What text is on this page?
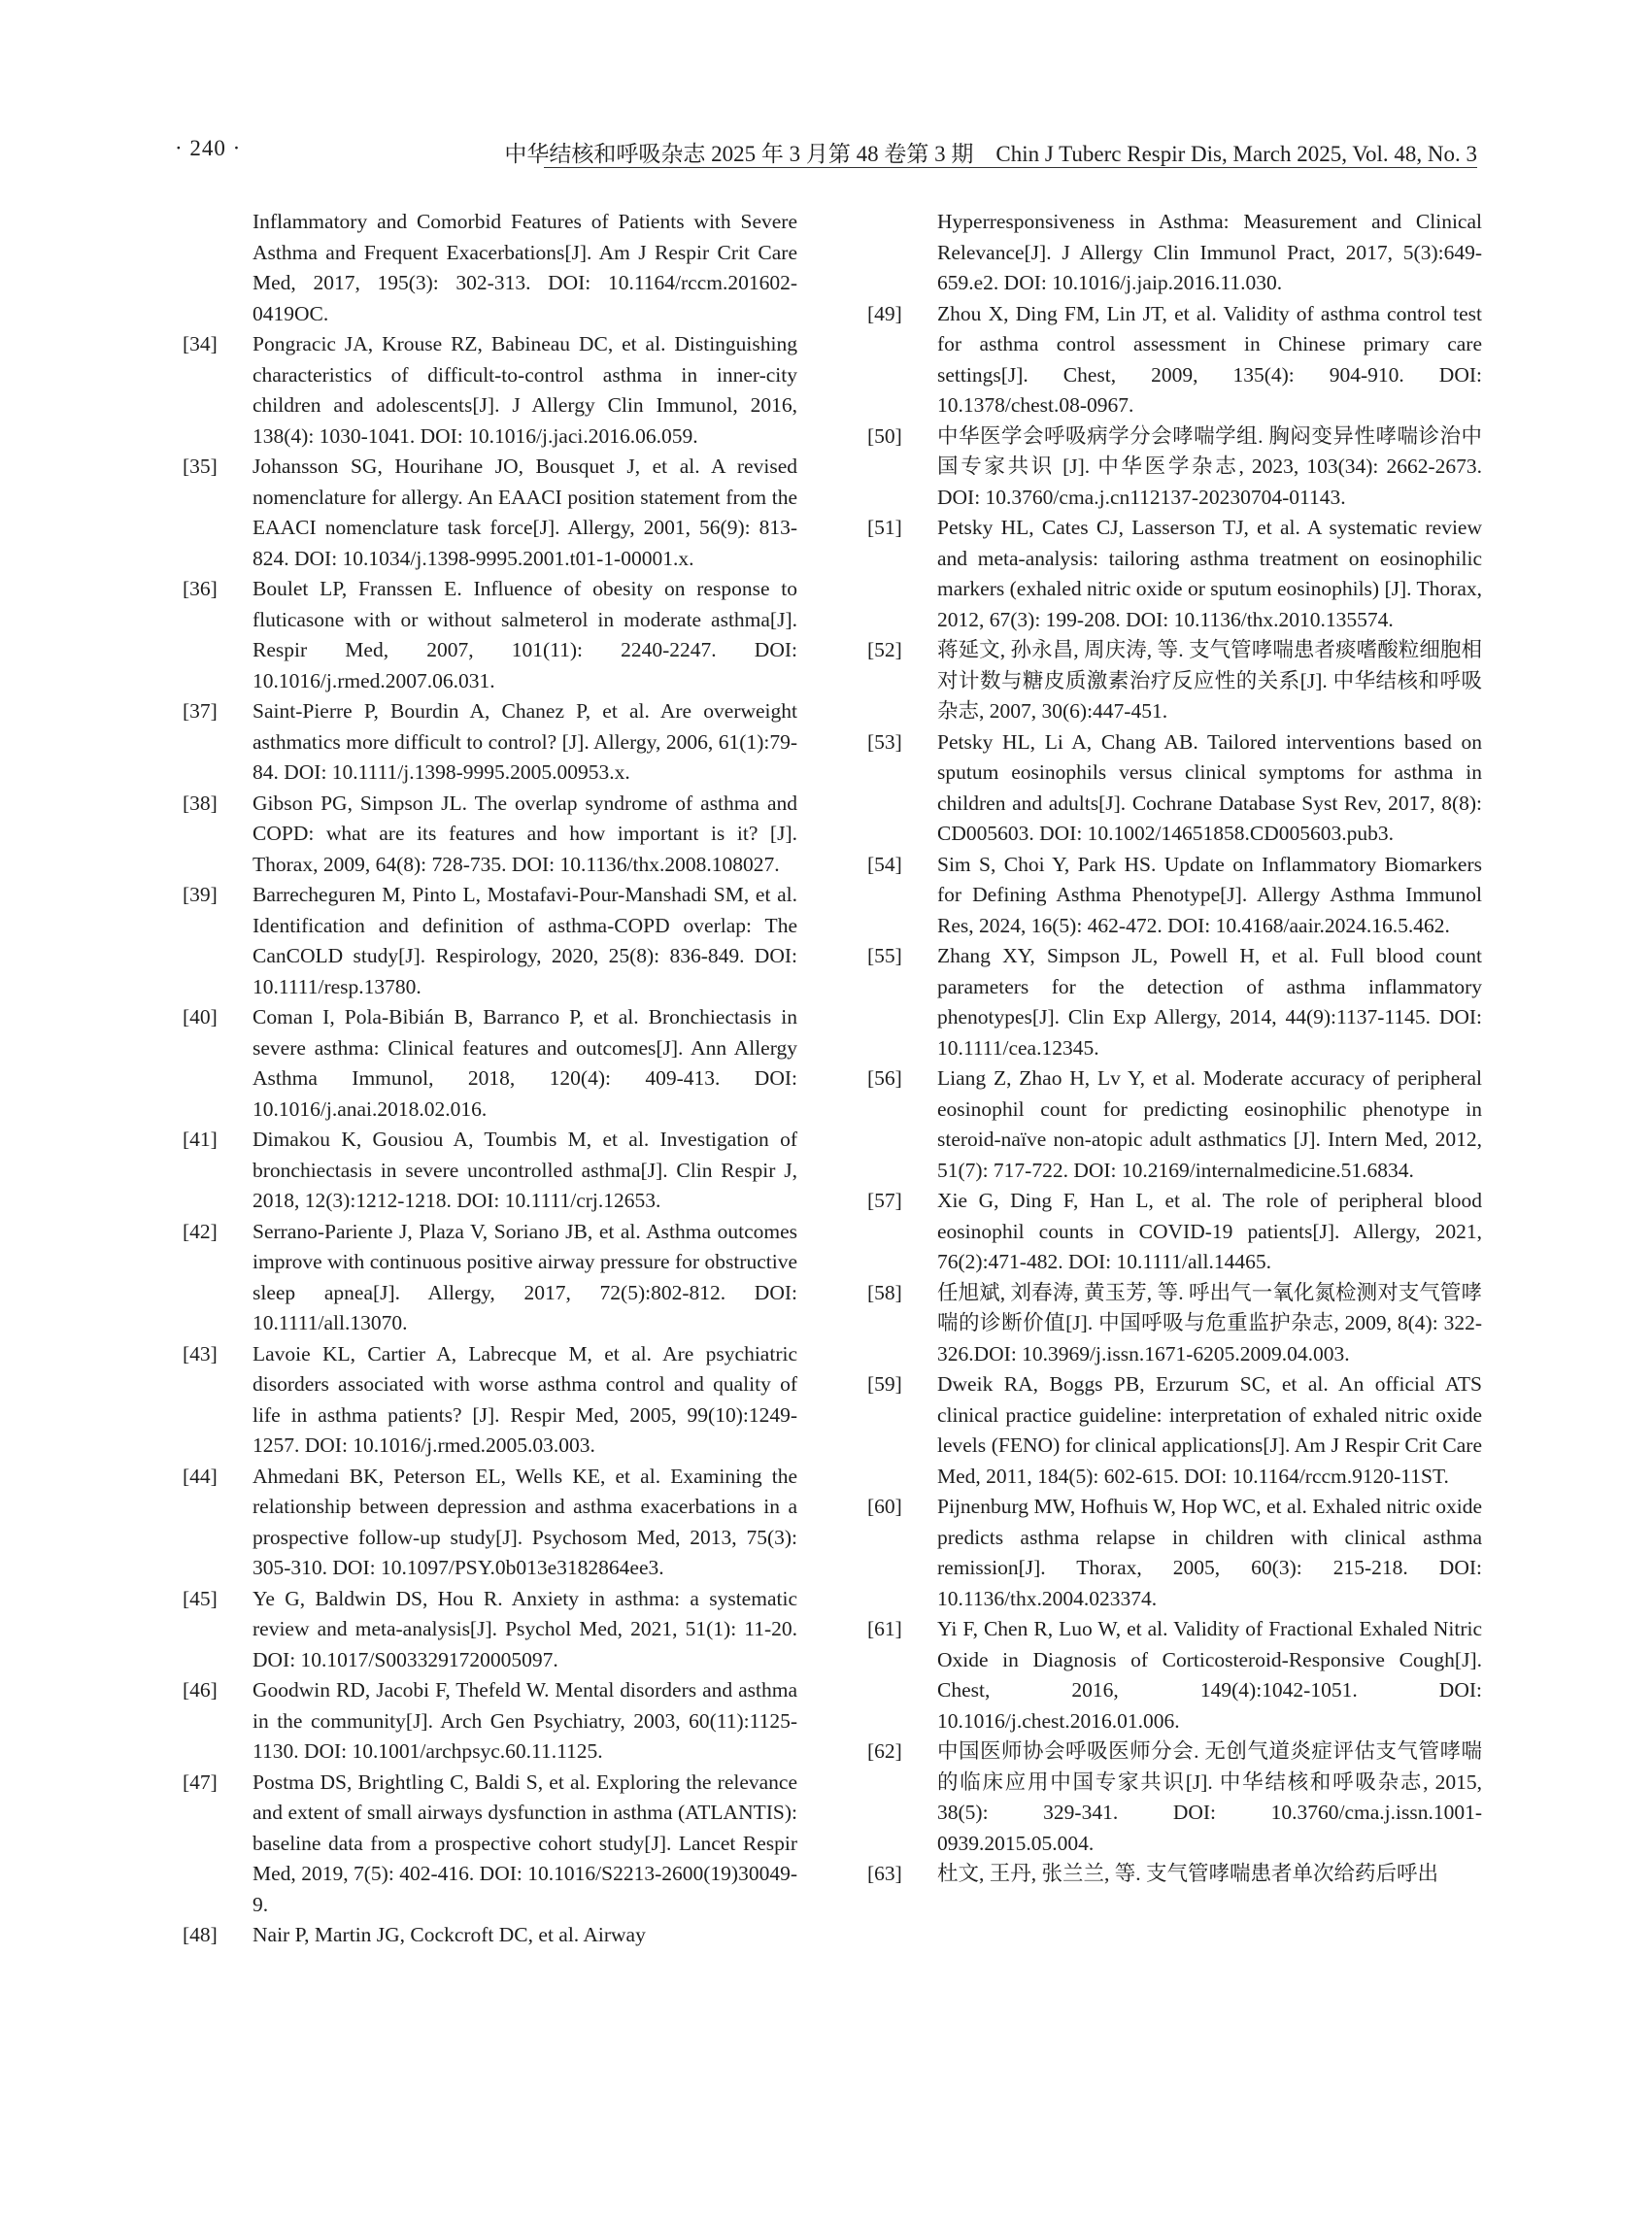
· 240 ·	中华结核和呼吸杂志 2025 年 3 月第 48 卷第 3 期　Chin J Tuberc Respir Dis, March 2025, Vol. 48, No. 3
Inflammatory and Comorbid Features of Patients with Severe Asthma and Frequent Exacerbations[J]. Am J Respir Crit Care Med, 2017, 195(3): 302-313. DOI: 10.1164/rccm.201602-0419OC.
[34]	Pongracic JA, Krouse RZ, Babineau DC, et al. Distinguishing characteristics of difficult-to-control asthma in inner-city children and adolescents[J]. J Allergy Clin Immunol, 2016, 138(4): 1030-1041. DOI: 10.1016/j.jaci.2016.06.059.
[35]	Johansson SG, Hourihane JO, Bousquet J, et al. A revised nomenclature for allergy. An EAACI position statement from the EAACI nomenclature task force[J]. Allergy, 2001, 56(9): 813-824. DOI: 10.1034/j.1398-9995.2001.t01-1-00001.x.
[36]	Boulet LP, Franssen E. Influence of obesity on response to fluticasone with or without salmeterol in moderate asthma[J]. Respir Med, 2007, 101(11): 2240-2247. DOI: 10.1016/j.rmed.2007.06.031.
[37]	Saint-Pierre P, Bourdin A, Chanez P, et al. Are overweight asthmatics more difficult to control? [J]. Allergy, 2006, 61(1):79-84. DOI: 10.1111/j.1398-9995.2005.00953.x.
[38]	Gibson PG, Simpson JL. The overlap syndrome of asthma and COPD: what are its features and how important is it? [J]. Thorax, 2009, 64(8): 728-735. DOI: 10.1136/thx.2008.108027.
[39]	Barrecheguren M, Pinto L, Mostafavi-Pour-Manshadi SM, et al. Identification and definition of asthma-COPD overlap: The CanCOLD study[J]. Respirology, 2020, 25(8): 836-849. DOI: 10.1111/resp.13780.
[40]	Coman I, Pola-Bibián B, Barranco P, et al. Bronchiectasis in severe asthma: Clinical features and outcomes[J]. Ann Allergy Asthma Immunol, 2018, 120(4): 409-413. DOI: 10.1016/j.anai.2018.02.016.
[41]	Dimakou K, Gousiou A, Toumbis M, et al. Investigation of bronchiectasis in severe uncontrolled asthma[J]. Clin Respir J, 2018, 12(3):1212-1218. DOI: 10.1111/crj.12653.
[42]	Serrano-Pariente J, Plaza V, Soriano JB, et al. Asthma outcomes improve with continuous positive airway pressure for obstructive sleep apnea[J]. Allergy, 2017, 72(5):802-812. DOI: 10.1111/all.13070.
[43]	Lavoie KL, Cartier A, Labrecque M, et al. Are psychiatric disorders associated with worse asthma control and quality of life in asthma patients? [J]. Respir Med, 2005, 99(10):1249-1257. DOI: 10.1016/j.rmed.2005.03.003.
[44]	Ahmedani BK, Peterson EL, Wells KE, et al. Examining the relationship between depression and asthma exacerbations in a prospective follow-up study[J]. Psychosom Med, 2013, 75(3): 305-310. DOI: 10.1097/PSY.0b013e3182864ee3.
[45]	Ye G, Baldwin DS, Hou R. Anxiety in asthma: a systematic review and meta-analysis[J]. Psychol Med, 2021, 51(1): 11-20. DOI: 10.1017/S0033291720005097.
[46]	Goodwin RD, Jacobi F, Thefeld W. Mental disorders and asthma in the community[J]. Arch Gen Psychiatry, 2003, 60(11):1125-1130. DOI: 10.1001/archpsyc.60.11.1125.
[47]	Postma DS, Brightling C, Baldi S, et al. Exploring the relevance and extent of small airways dysfunction in asthma (ATLANTIS): baseline data from a prospective cohort study[J]. Lancet Respir Med, 2019, 7(5): 402-416. DOI: 10.1016/S2213-2600(19)30049-9.
[48]	Nair P, Martin JG, Cockcroft DC, et al. Airway
Hyperresponsiveness in Asthma: Measurement and Clinical Relevance[J]. J Allergy Clin Immunol Pract, 2017, 5(3):649-659.e2. DOI: 10.1016/j.jaip.2016.11.030.
[49]	Zhou X, Ding FM, Lin JT, et al. Validity of asthma control test for asthma control assessment in Chinese primary care settings[J]. Chest, 2009, 135(4): 904-910. DOI: 10.1378/chest.08-0967.
[50]	中华医学会呼吸病学分会哮喘学组. 胸闷变异性哮喘诊治中国专家共识 [J]. 中华医学杂志, 2023, 103(34): 2662-2673. DOI: 10.3760/cma.j.cn112137-20230704-01143.
[51]	Petsky HL, Cates CJ, Lasserson TJ, et al. A systematic review and meta-analysis: tailoring asthma treatment on eosinophilic markers (exhaled nitric oxide or sputum eosinophils) [J]. Thorax, 2012, 67(3): 199-208. DOI: 10.1136/thx.2010.135574.
[52]	蒋延文, 孙永昌, 周庆涛, 等. 支气管哮喘患者痰嗜酸粒细胞相对计数与糖皮质激素治疗反应性的关系[J]. 中华结核和呼吸杂志, 2007, 30(6):447-451.
[53]	Petsky HL, Li A, Chang AB. Tailored interventions based on sputum eosinophils versus clinical symptoms for asthma in children and adults[J]. Cochrane Database Syst Rev, 2017, 8(8): CD005603. DOI: 10.1002/14651858.CD005603.pub3.
[54]	Sim S, Choi Y, Park HS. Update on Inflammatory Biomarkers for Defining Asthma Phenotype[J]. Allergy Asthma Immunol Res, 2024, 16(5): 462-472. DOI: 10.4168/aair.2024.16.5.462.
[55]	Zhang XY, Simpson JL, Powell H, et al. Full blood count parameters for the detection of asthma inflammatory phenotypes[J]. Clin Exp Allergy, 2014, 44(9):1137-1145. DOI: 10.1111/cea.12345.
[56]	Liang Z, Zhao H, Lv Y, et al. Moderate accuracy of peripheral eosinophil count for predicting eosinophilic phenotype in steroid-naïve non-atopic adult asthmatics [J]. Intern Med, 2012, 51(7): 717-722. DOI: 10.2169/internalmedicine.51.6834.
[57]	Xie G, Ding F, Han L, et al. The role of peripheral blood eosinophil counts in COVID-19 patients[J]. Allergy, 2021, 76(2):471-482. DOI: 10.1111/all.14465.
[58]	任旭斌, 刘春涛, 黄玉芳, 等. 呼出气一氧化氮检测对支气管哮喘的诊断价值[J]. 中国呼吸与危重监护杂志, 2009, 8(4): 322-326.DOI: 10.3969/j.issn.1671-6205.2009.04.003.
[59]	Dweik RA, Boggs PB, Erzurum SC, et al. An official ATS clinical practice guideline: interpretation of exhaled nitric oxide levels (FENO) for clinical applications[J]. Am J Respir Crit Care Med, 2011, 184(5): 602-615. DOI: 10.1164/rccm.9120-11ST.
[60]	Pijnenburg MW, Hofhuis W, Hop WC, et al. Exhaled nitric oxide predicts asthma relapse in children with clinical asthma remission[J]. Thorax, 2005, 60(3): 215-218. DOI: 10.1136/thx.2004.023374.
[61]	Yi F, Chen R, Luo W, et al. Validity of Fractional Exhaled Nitric Oxide in Diagnosis of Corticosteroid-Responsive Cough[J]. Chest, 2016, 149(4):1042-1051. DOI: 10.1016/j.chest.2016.01.006.
[62]	中国医师协会呼吸医师分会. 无创气道炎症评估支气管哮喘的临床应用中国专家共识[J]. 中华结核和呼吸杂志, 2015, 38(5): 329-341. DOI: 10.3760/cma.j.issn.1001-0939.2015.05.004.
[63]	杜文, 王丹, 张兰兰, 等. 支气管哮喘患者单次给药后呼出
